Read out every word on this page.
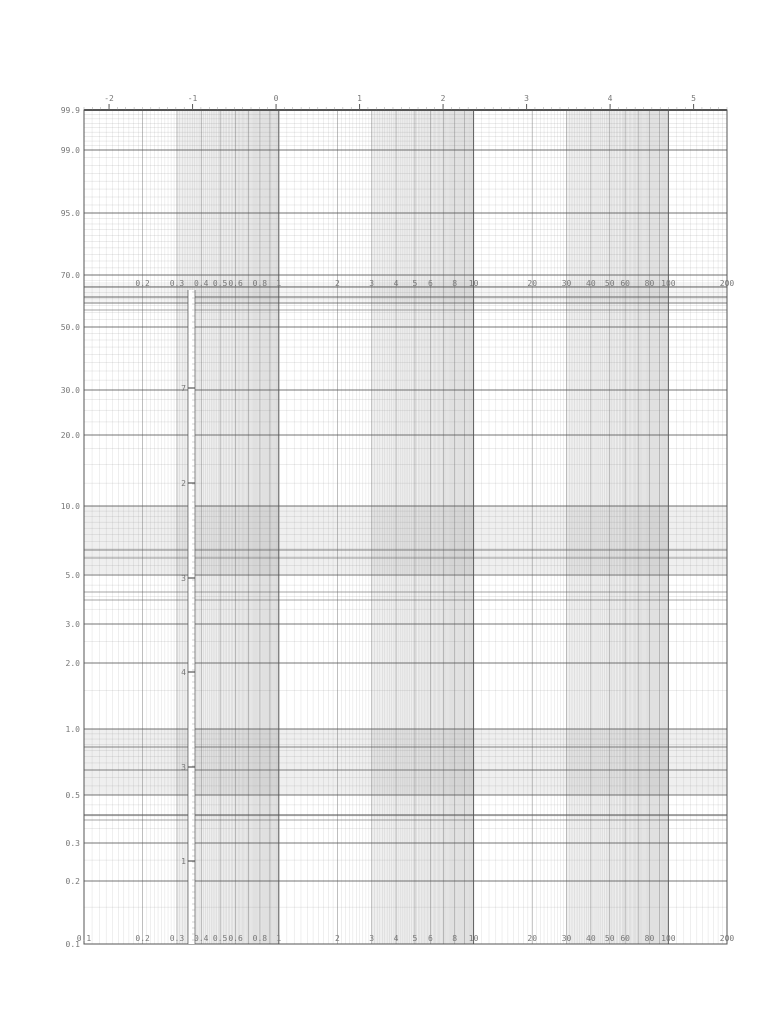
-2	-1	0	1	2	3	4	5
0.1
0.2
0.2
0.3
0.3
0.4
0.4
0.5
0.5
0.6
0.6
0.8
0.8
1
1
2
2
3
3
4
4
5
5
6
6
8
8
10
10
20
20
30
30
40
40
50
50
60
60
80
80
100
100
200
200
99.9
99.0
95.0
70.0
50.0
30.0
20.0
10.0
5.0
3.0
2.0
1.0
0.5
0.3
0.2
0.1
7
2
3
4
3
1
